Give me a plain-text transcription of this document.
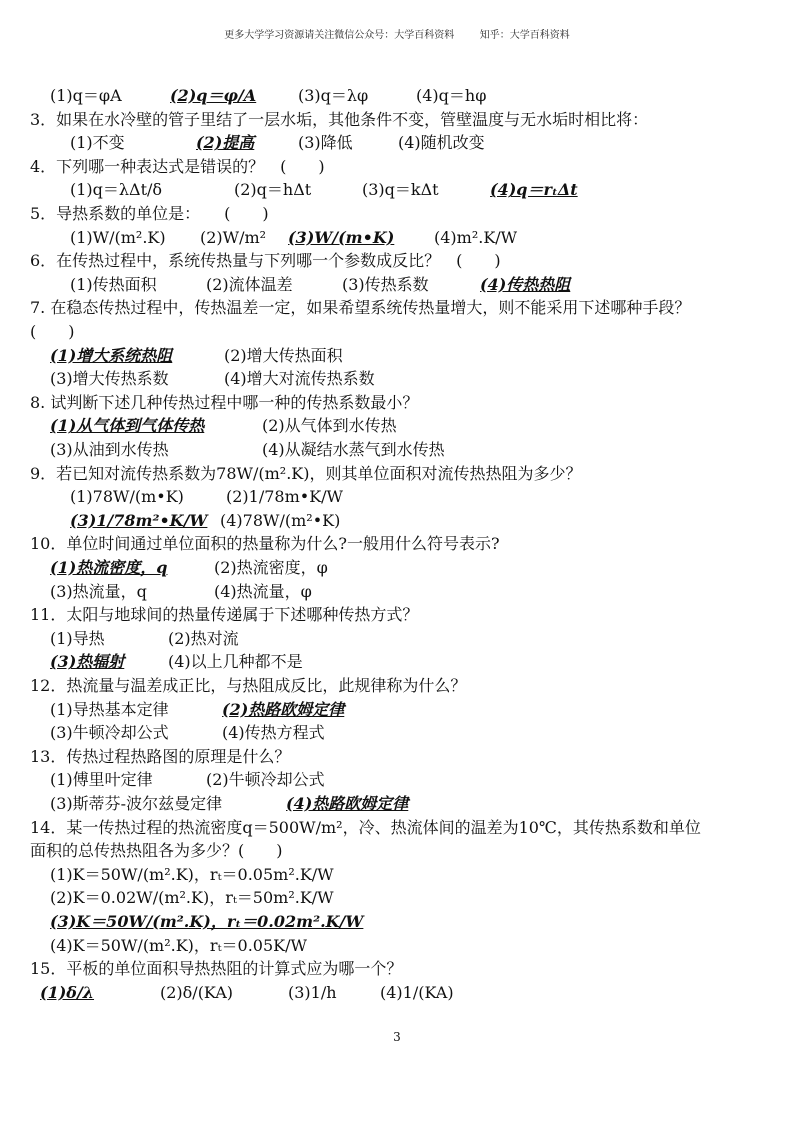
更多大学学习资源请关注微信公众号：大学百科资料        知乎：大学百科资料
(1)q＝φA	(2)q＝φ/A	(3)q＝λφ	(4)q＝hφ
3．如果在水冷壁的管子里结了一层水垢，其他条件不变，管壁温度与无水垢时相比将：
(1)不变	(2)提高	(3)降低	(4)随机改变
4．下列哪一种表达式是错误的？　(　　)
(1)q＝λΔt/δ	(2)q＝hΔt	(3)q＝kΔt	(4)q＝rₜΔt
5．导热系数的单位是：　　(　　)
(1)W/(m².K) (2)W/m² (3)W/(m•K) (4)m².K/W
6．在传热过程中，系统传热量与下列哪一个参数成反比？　(　　)
(1)传热面积	(2)流体温差	(3)传热系数	(4)传热热阻
7. 在稳态传热过程中，传热温差一定，如果希望系统传热量增大，则不能采用下述哪种手段？
(　　)
(1)增大系统热阻	(2)增大传热面积
(3)增大传热系数	(4)增大对流传热系数
8. 试判断下述几种传热过程中哪一种的传热系数最小？
(1)从气体到气体传热	(2)从气体到水传热
(3)从油到水传热	(4)从凝结水蒸气到水传热
9．若已知对流传热系数为78W/(m².K)，则其单位面积对流传热热阻为多少？
(1)78W/(m•K)	(2)1/78m•K/W
(3)1/78m²•K/W (4)78W/(m²•K)
10．单位时间通过单位面积的热量称为什么?一般用什么符号表示?
(1)热流密度，q	(2)热流密度，φ
(3)热流量，q	(4)热流量，φ
11．太阳与地球间的热量传递属于下述哪种传热方式？
(1)导热	(2)热对流
(3)热辐射	(4)以上几种都不是
12．热流量与温差成正比，与热阻成反比，此规律称为什么？
(1)导热基本定律	(2)热路欧姆定律
(3)牛顿冷却公式	(4)传热方程式
13．传热过程热路图的原理是什么？
(1)傅里叶定律	(2)牛顿冷却公式
(3)斯蒂芬-波尔兹曼定律	(4)热路欧姆定律
14．某一传热过程的热流密度q＝500W/m²，冷、热流体间的温差为10℃，其传热系数和单位
面积的总传热热阻各为多少？(　　)
(1)K＝50W/(m².K)，rₜ＝0.05m².K/W
(2)K＝0.02W/(m².K)，rₜ＝50m².K/W
(3)K＝50W/(m².K)，rₜ＝0.02m².K/W
(4)K＝50W/(m².K)，rₜ＝0.05K/W
15．平板的单位面积导热热阻的计算式应为哪一个？
(1)δ/λ	(2)δ/(KA)	(3)1/h	(4)1/(KA)
3
